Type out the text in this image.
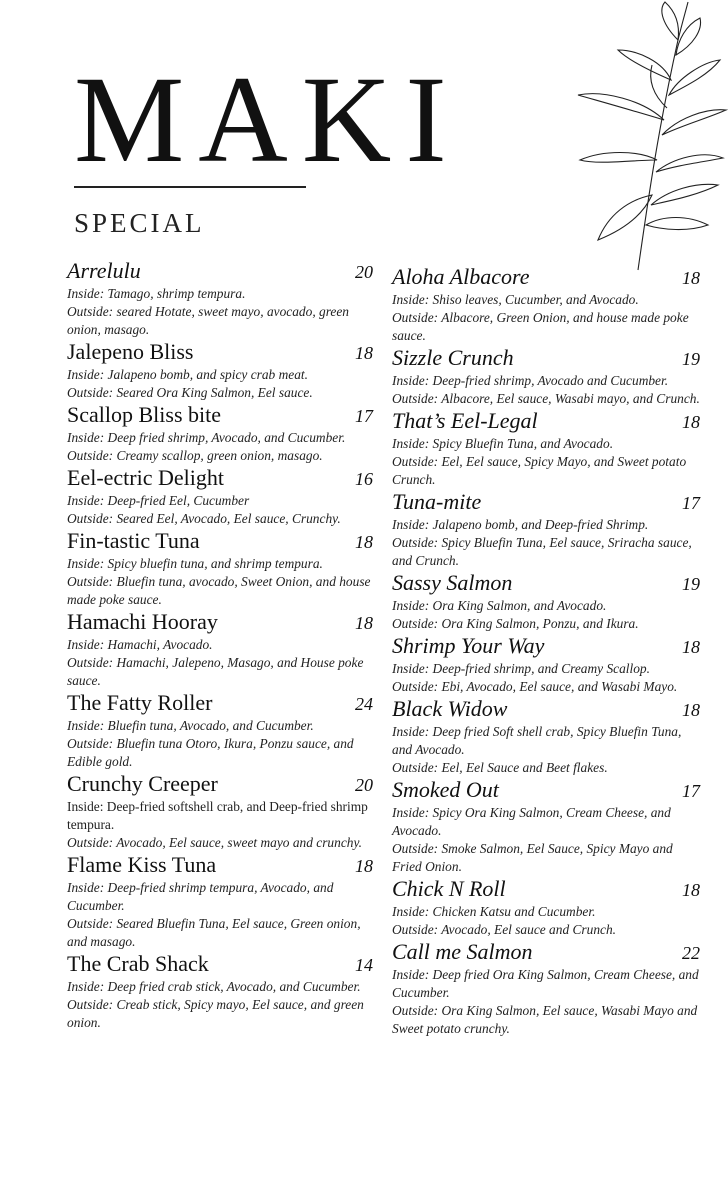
MAKI
SPECIAL
Arrelulu	20
Inside: Tamago, shrimp tempura.
Outside: seared Hotate, sweet mayo, avocado, green onion, masago.
Jalepeno Bliss	18
Inside: Jalapeno bomb, and spicy crab meat.
Outside: Seared Ora King Salmon, Eel sauce.
Scallop Bliss bite	17
Inside: Deep fried shrimp, Avocado, and Cucumber.
Outside: Creamy scallop, green onion, masago.
Eel-ectric Delight	16
Inside: Deep-fried Eel, Cucumber
Outside: Seared Eel, Avocado, Eel sauce, Crunchy.
Fin-tastic Tuna	18
Inside: Spicy bluefin tuna, and shrimp tempura.
Outside: Bluefin tuna, avocado, Sweet Onion, and house made poke sauce.
Hamachi Hooray	18
Inside: Hamachi, Avocado.
Outside: Hamachi, Jalepeno, Masago, and House poke sauce.
The Fatty Roller	24
Inside: Bluefin tuna, Avocado, and Cucumber.
Outside: Bluefin tuna Otoro, Ikura, Ponzu sauce, and Edible gold.
Crunchy Creeper	20
Inside: Deep-fried softshell crab, and Deep-fried shrimp tempura.
Outside: Avocado, Eel sauce, sweet mayo and crunchy.
Flame Kiss Tuna	18
Inside: Deep-fried shrimp tempura, Avocado, and Cucumber.
Outside: Seared Bluefin Tuna, Eel sauce, Green onion, and masago.
The Crab Shack	14
Inside: Deep fried crab stick, Avocado, and Cucumber.
Outside: Creab stick, Spicy mayo, Eel sauce, and green onion.
Aloha Albacore	18
Inside: Shiso leaves, Cucumber, and Avocado.
Outside: Albacore, Green Onion, and house made poke sauce.
Sizzle Crunch	19
Inside: Deep-fried shrimp, Avocado and Cucumber.
Outside: Albacore, Eel sauce, Wasabi mayo, and Crunch.
That’s Eel-Legal	18
Inside: Spicy Bluefin Tuna, and Avocado.
Outside: Eel, Eel sauce, Spicy Mayo, and Sweet potato Crunch.
Tuna-mite	17
Inside: Jalapeno bomb, and Deep-fried Shrimp.
Outside: Spicy Bluefin Tuna, Eel sauce, Sriracha sauce, and Crunch.
Sassy Salmon	19
Inside: Ora King Salmon, and Avocado.
Outside: Ora King Salmon, Ponzu, and Ikura.
Shrimp Your Way	18
Inside: Deep-fried shrimp, and Creamy Scallop.
Outside: Ebi, Avocado, Eel sauce, and Wasabi Mayo.
Black Widow	18
Inside: Deep fried Soft shell crab, Spicy Bluefin Tuna, and Avocado.
Outside: Eel, Eel Sauce and Beet flakes.
Smoked Out	17
Inside: Spicy Ora King Salmon, Cream Cheese, and Avocado.
Outside: Smoke Salmon, Eel Sauce, Spicy Mayo and Fried Onion.
Chick N Roll	18
Inside: Chicken Katsu and Cucumber.
Outside: Avocado, Eel sauce and Crunch.
Call me Salmon	22
Inside: Deep fried Ora King Salmon, Cream Cheese, and Cucumber.
Outside: Ora King Salmon, Eel sauce, Wasabi Mayo and Sweet potato crunchy.
